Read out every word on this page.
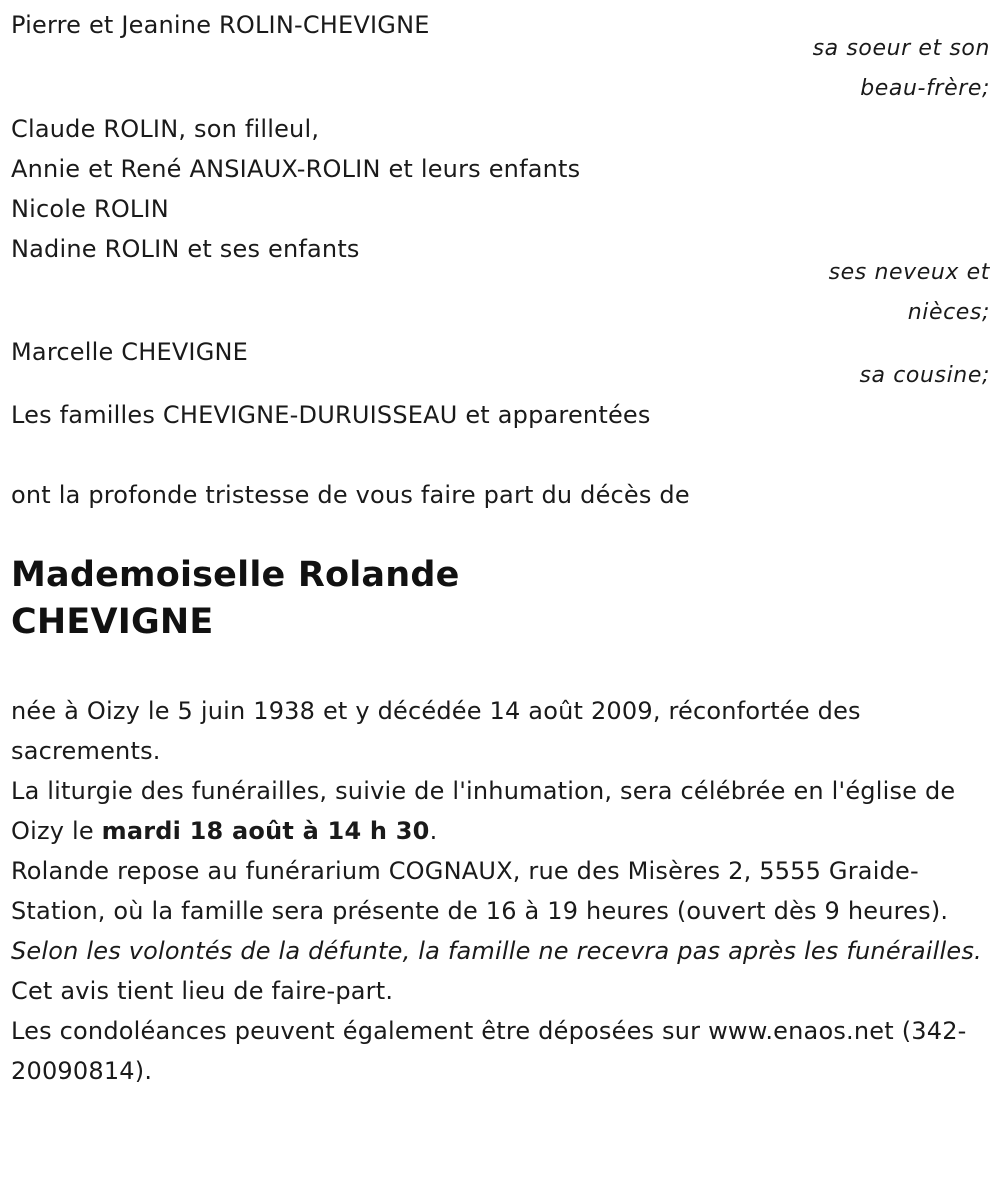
Pierre et Jeanine ROLIN-CHEVIGNE
sa soeur et son
beau-frère;
Claude ROLIN, son filleul,
Annie et René ANSIAUX-ROLIN et leurs enfants
Nicole ROLIN
Nadine ROLIN et ses enfants
ses neveux et
nièces;
Marcelle CHEVIGNE
sa cousine;
Les familles CHEVIGNE-DURUISSEAU et apparentées
ont la profonde tristesse de vous faire part du décès de
Mademoiselle Rolande
CHEVIGNE

née à Oizy le 5 juin 1938 et y décédée 14 août 2009, réconfortée des sacrements.

La liturgie des funérailles, suivie de l'inhumation, sera célébrée en l'église de Oizy le mardi 18 août à 14 h 30.

Rolande repose au funérarium COGNAUX, rue des Misères 2, 5555 Graide-Station, où la famille sera présente de 16 à 19 heures (ouvert dès 9 heures).

Selon les volontés de la défunte, la famille ne recevra pas après les funérailles.

Cet avis tient lieu de faire-part.

Les condoléances peuvent également être déposées sur www.enaos.net (342-20090814).
